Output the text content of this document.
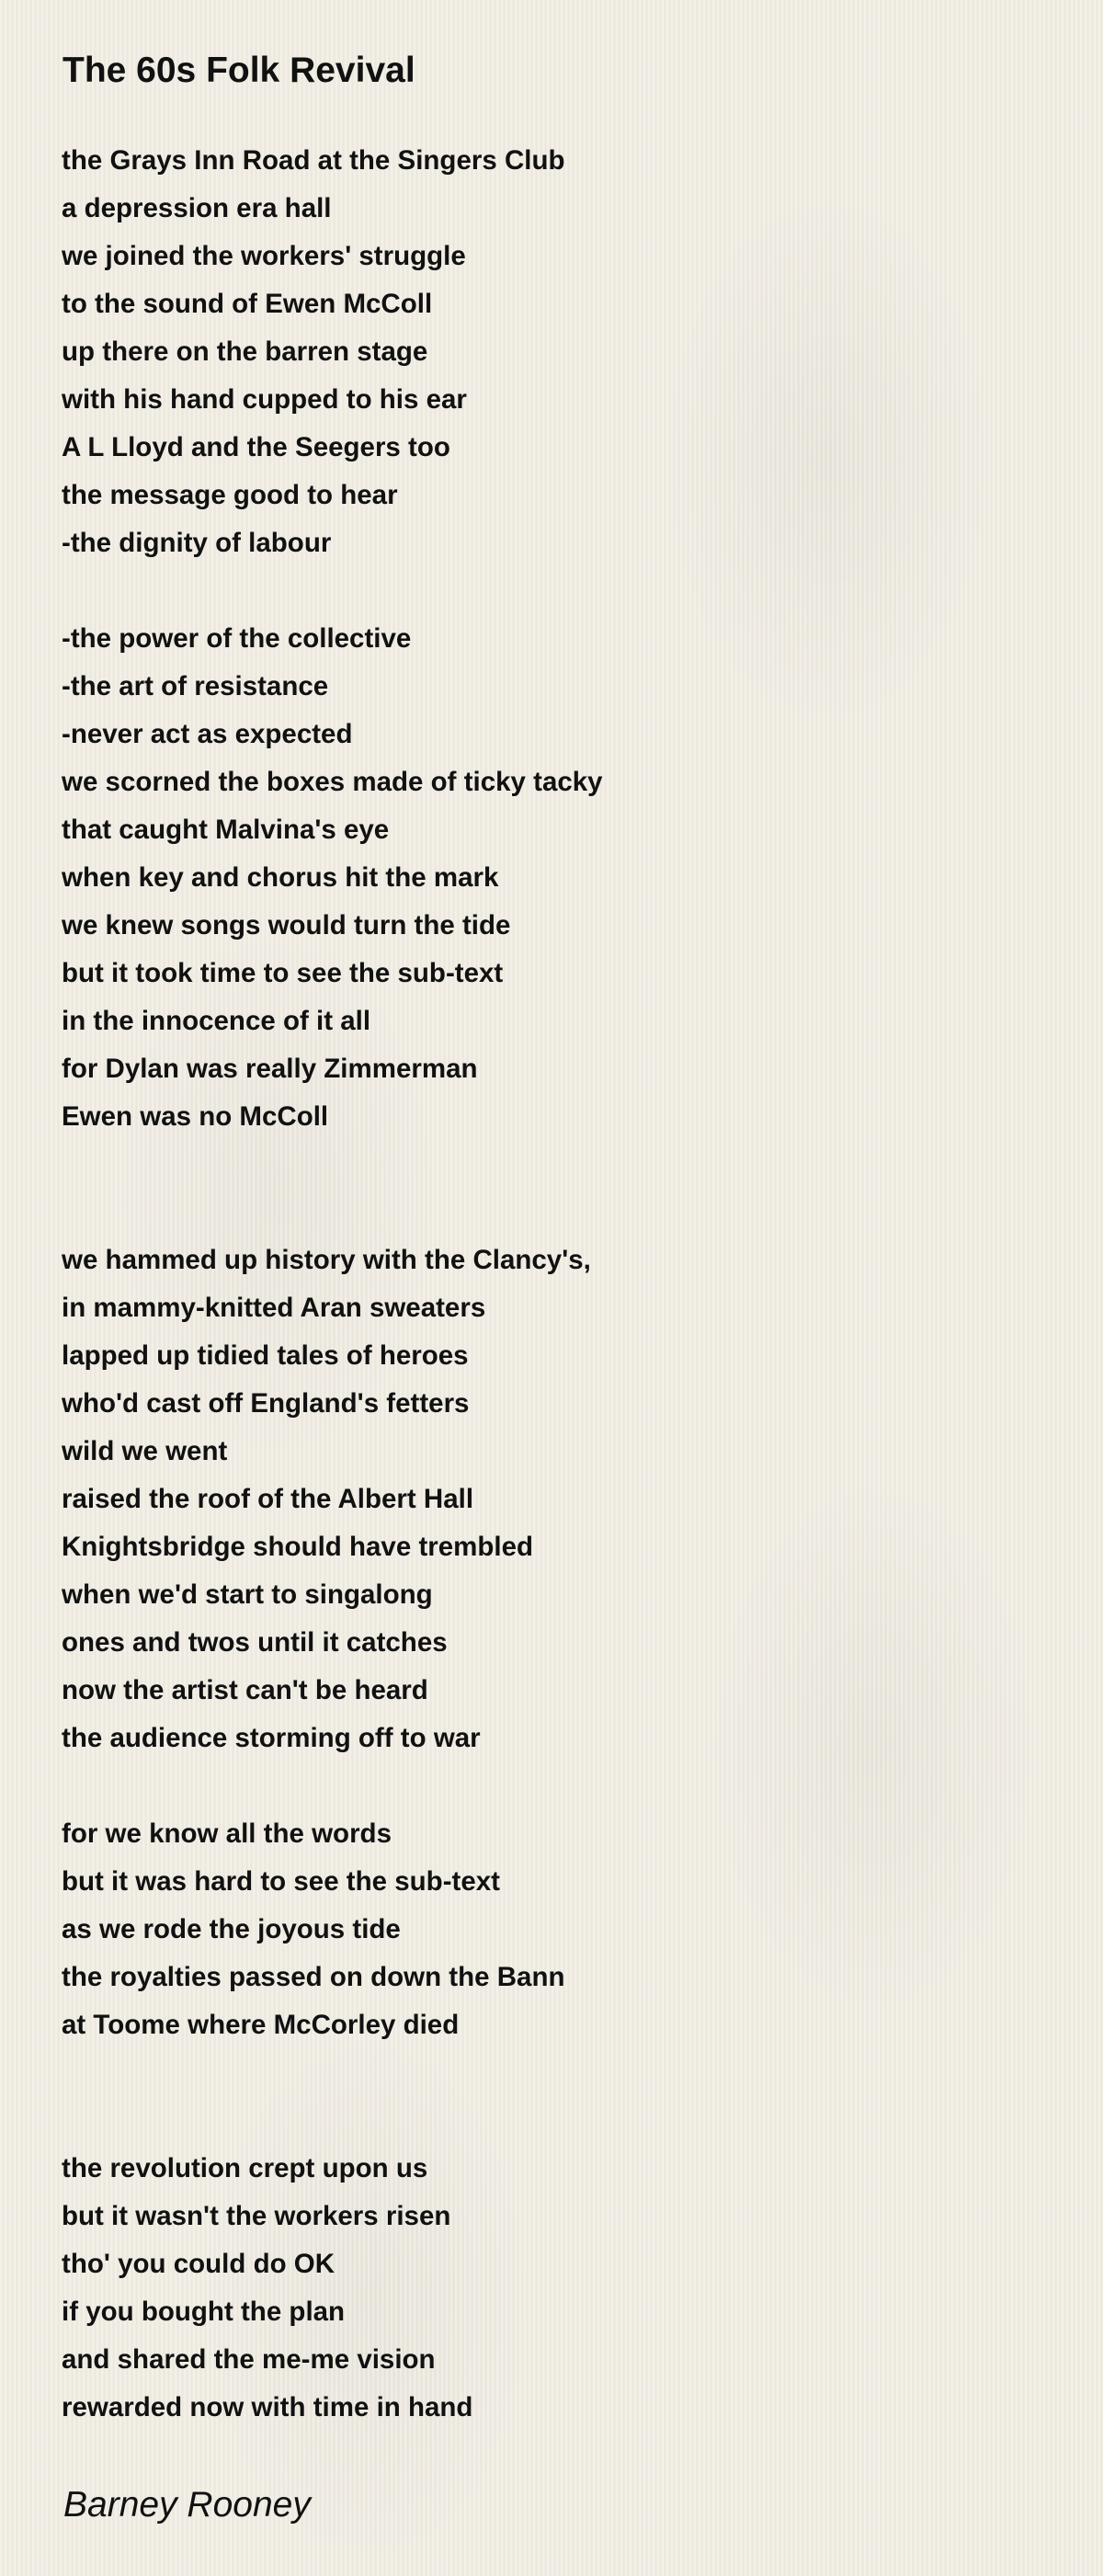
The 60s Folk Revival
the Grays Inn Road at the Singers Club
a depression era hall
we joined the workers' struggle
to the sound of Ewen McColl
up there on the barren stage
with his hand cupped to his ear
A L Lloyd and the Seegers too
the message good to hear
-the dignity of labour
-the power of the collective
-the art of resistance
-never act as expected
we scorned the boxes made of ticky tacky
that caught Malvina's eye
when key and chorus hit the mark
we knew songs would turn the tide
but it took time to see the sub-text
in the innocence of it all
for Dylan was really Zimmerman
Ewen was no McColl
we hammed up history with the Clancy's,
in mammy-knitted Aran sweaters
lapped up tidied tales of heroes
who'd cast off England's fetters
wild we went
raised the roof of the Albert Hall
Knightsbridge should have trembled
when we'd start to singalong
ones and twos until it catches
now the artist can't be heard
the audience storming off to war
for we know all the words
but it was hard to see the sub-text
as we rode the joyous tide
the royalties passed on down the Bann
at Toome where McCorley died
the revolution crept upon us
but it wasn't the workers risen
tho' you could do OK
if you bought the plan
and shared the me-me vision
rewarded now with time in hand
Barney Rooney
